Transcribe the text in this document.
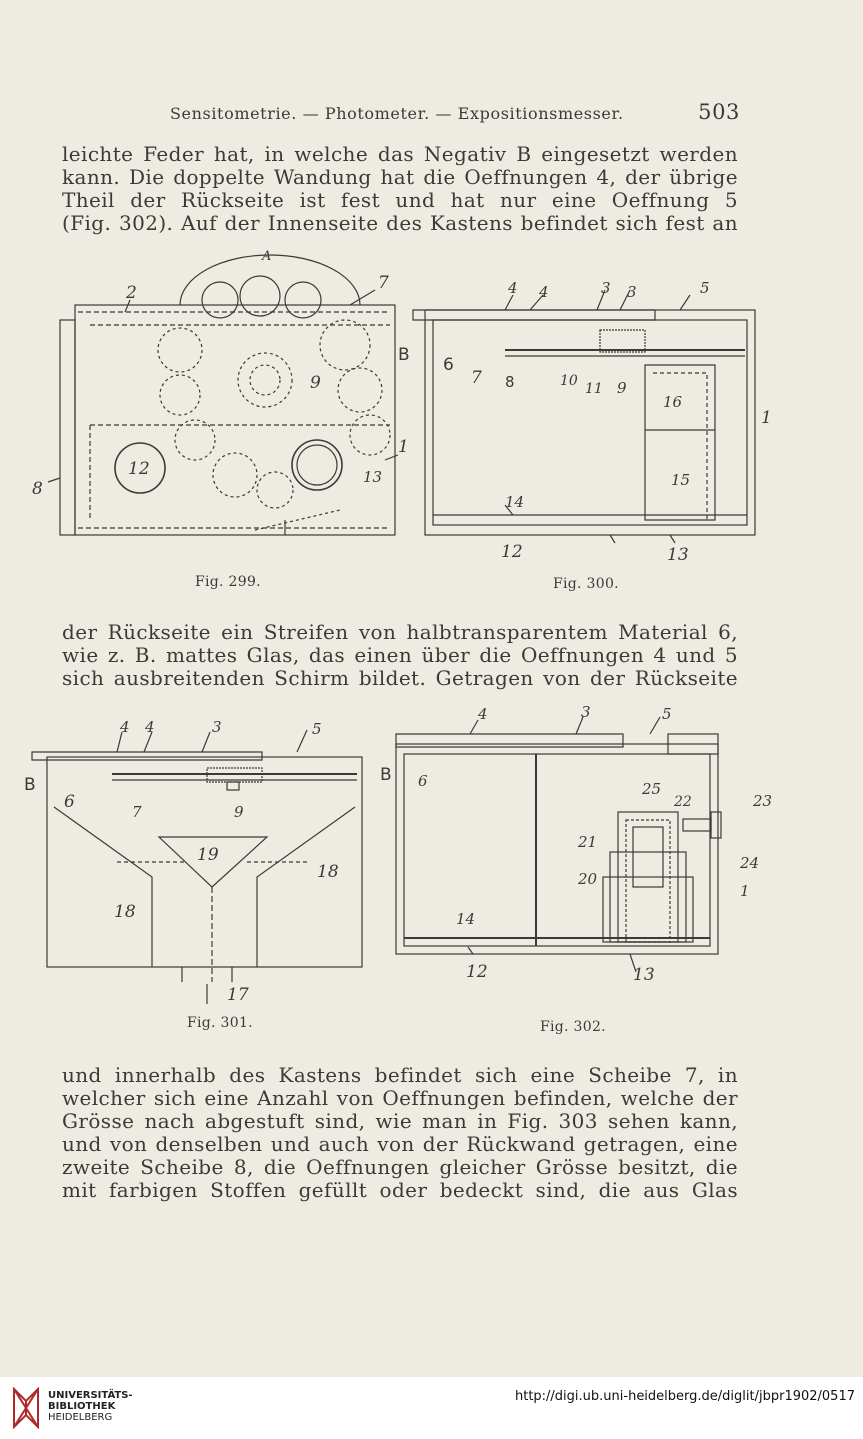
Sensitometrie. — Photometer. — Expositionsmesser.	503
leichte Feder hat, in welche das Negativ B eingesetzt werden
kann. Die doppelte Wandung hat die Oeffnungen 4, der übrige
Theil der Rückseite ist fest und hat nur eine Oeffnung 5
(Fig. 302). Auf der Innenseite des Kastens befindet sich fest an
2
A
7
B
9
12	13
1
8
Fig. 299.
4 4	3 3	5
6
7 8	10 11 9
16
1
15
14
12	13
Fig. 300.
der Rückseite ein Streifen von halbtransparentem Material 6,
wie z. B. mattes Glas, das einen über die Oeffnungen 4 und 5
sich ausbreitenden Schirm bildet. Getragen von der Rückseite
4 4	3	5
B
6	7	9
19
18
18
17
Fig. 301.
4	3	5
B 6	25
22	23
21
24
20
1
14
12	13
Fig. 302.
und innerhalb des Kastens befindet sich eine Scheibe 7, in
welcher sich eine Anzahl von Oeffnungen befinden, welche der
Grösse nach abgestuft sind, wie man in Fig. 303 sehen kann,
und von denselben und auch von der Rückwand getragen, eine
zweite Scheibe 8, die Oeffnungen gleicher Grösse besitzt, die
mit farbigen Stoffen gefüllt oder bedeckt sind, die aus Glas
UNIVERSITÄTS-
BIBLIOTHEK
HEIDELBERG
http://digi.ub.uni-heidelberg.de/diglit/jbpr1902/0517
